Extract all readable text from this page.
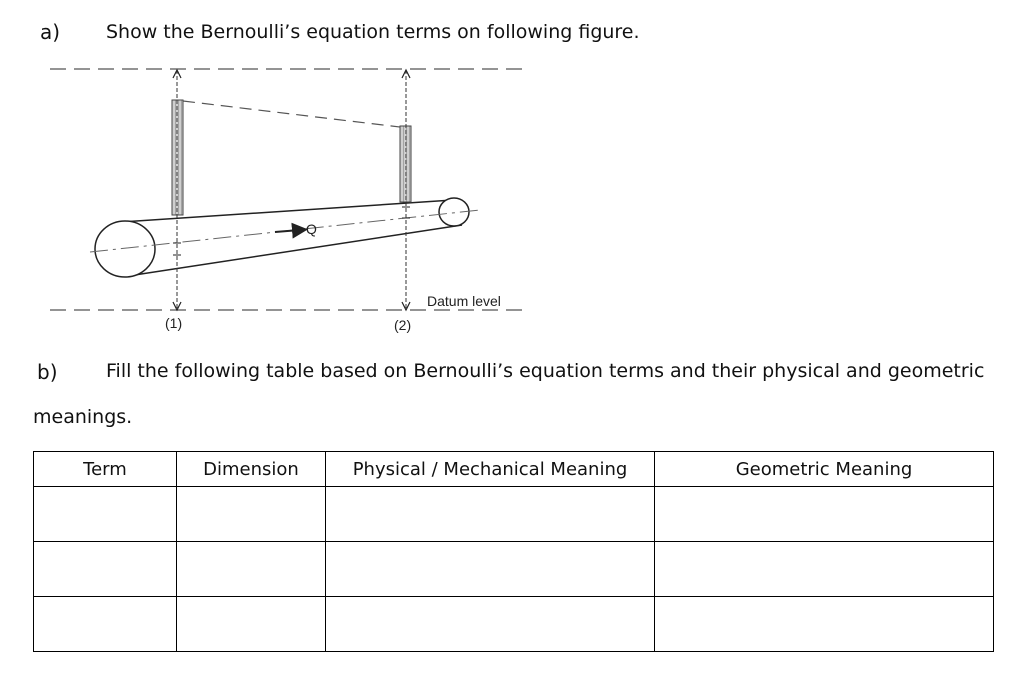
a) Show the Bernoulli’s equation terms on following figure.
Q
Datum level
(1)	(2)
b)	Fill the following table based on Bernoulli’s equation terms and their physical and geometric
meanings.
Term	Dimension	Physical / Mechanical Meaning	Geometric Meaning
